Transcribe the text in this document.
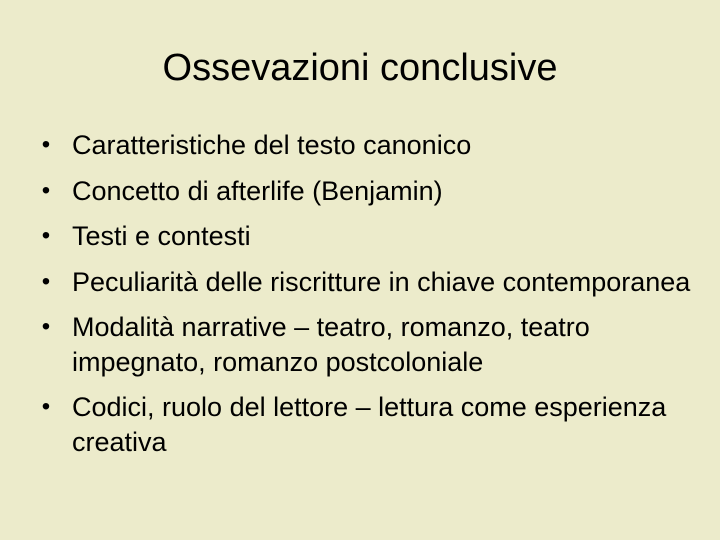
Ossevazioni conclusive
• Caratteristiche del testo canonico
• Concetto di afterlife (Benjamin)
• Testi e contesti
• Peculiarità delle riscritture in chiave contemporanea
• Modalità narrative – teatro, romanzo, teatro impegnato, romanzo postcoloniale
• Codici, ruolo del lettore – lettura come esperienza creativa
